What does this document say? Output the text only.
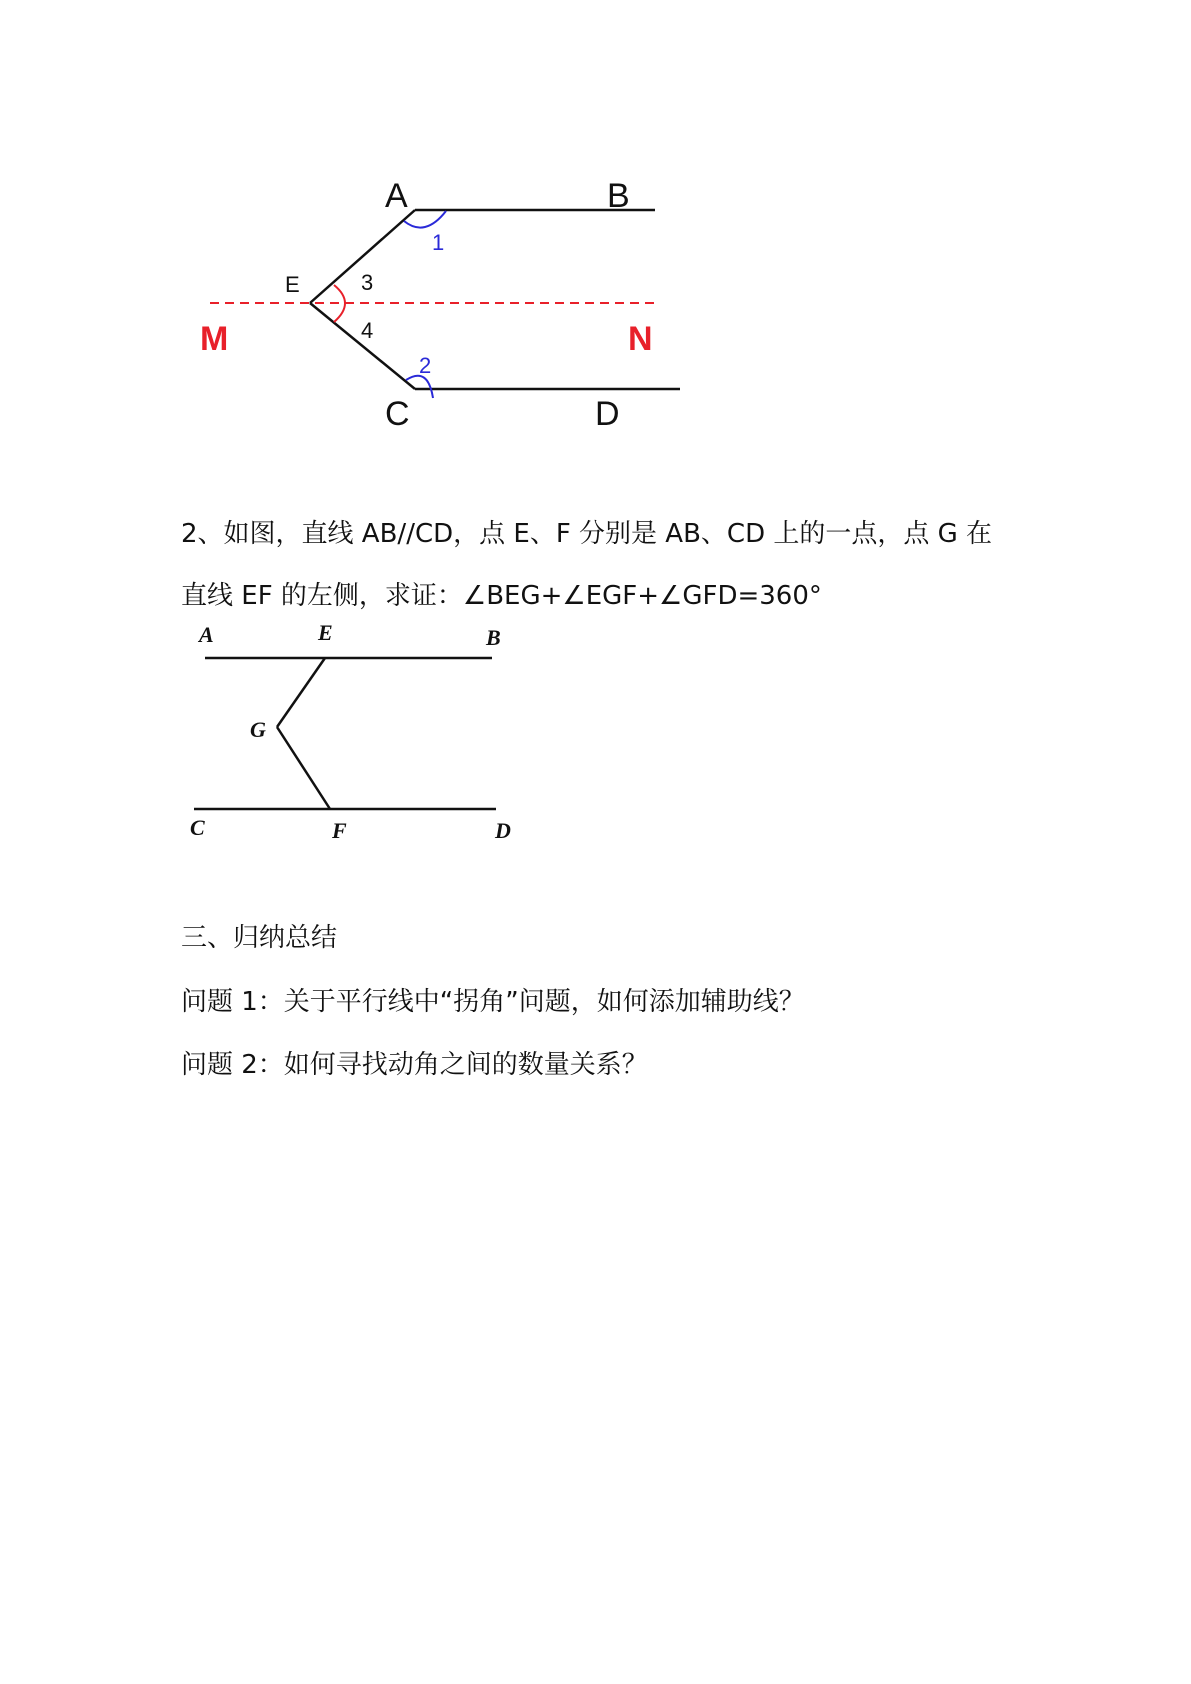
A	B
C	D
E
M	N
1
2
3
4

2、如图，直线 AB//CD，点 E、F 分别是 AB、CD 上的一点，点 G 在

直线 EF 的左侧，求证：∠BEG+∠EGF+∠GFD=360°

A	E	B
G
C	F	D

三、归纳总结

问题 1：关于平行线中“拐角”问题，如何添加辅助线？

问题 2：如何寻找动角之间的数量关系？
